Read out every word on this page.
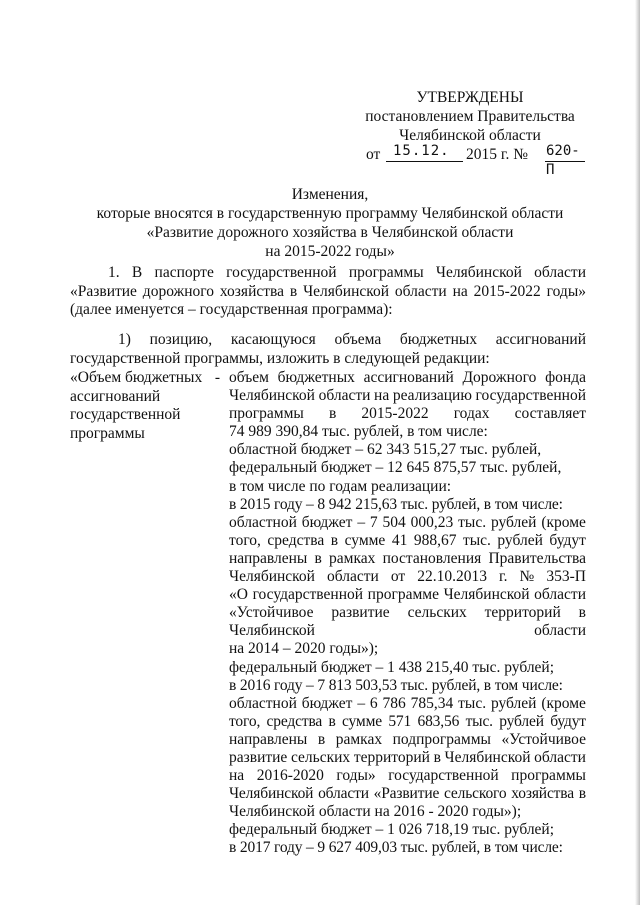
УТВЕРЖДЕНЫ
постановлением Правительства
Челябинской области
от 15.12. 2015 г. № 620-П
Изменения,
которые вносятся в государственную программу Челябинской области
«Развитие дорожного хозяйства в Челябинской области
на 2015-2022 годы»
1. В паспорте государственной программы Челябинской области «Развитие дорожного хозяйства в Челябинской области на 2015-2022 годы» (далее именуется – государственная программа):
1) позицию, касающуюся объема бюджетных ассигнований
государственной программы, изложить в следующей редакции:
«Объем бюджетных -
ассигнований
государственной
программы
объем бюджетных ассигнований Дорожного фонда
Челябинской области на реализацию государственной
программы в 2015-2022 годах составляет
74 989 390,84 тыс. рублей, в том числе:
областной бюджет – 62 343 515,27 тыс. рублей,
федеральный бюджет – 12 645 875,57 тыс. рублей,
в том числе по годам реализации:
в 2015 году – 8 942 215,63 тыс. рублей, в том числе:
областной бюджет – 7 504 000,23 тыс. рублей (кроме
того, средства в сумме 41 988,67 тыс. рублей будут
направлены в рамках постановления Правительства
Челябинской области от 22.10.2013 г. № 353-П
«О государственной программе Челябинской области
«Устойчивое развитие сельских территорий в
Челябинской	области
на 2014 – 2020 годы»);
федеральный бюджет – 1 438 215,40 тыс. рублей;
в 2016 году – 7 813 503,53 тыс. рублей, в том числе:
областной бюджет – 6 786 785,34 тыс. рублей (кроме
того, средства в сумме 571 683,56 тыс. рублей будут
направлены в рамках подпрограммы «Устойчивое
развитие сельских территорий в Челябинской области
на 2016-2020 годы» государственной программы
Челябинской области «Развитие сельского хозяйства в
Челябинской области на 2016 - 2020 годы»);
федеральный бюджет – 1 026 718,19 тыс. рублей;
в 2017 году – 9 627 409,03 тыс. рублей, в том числе:
